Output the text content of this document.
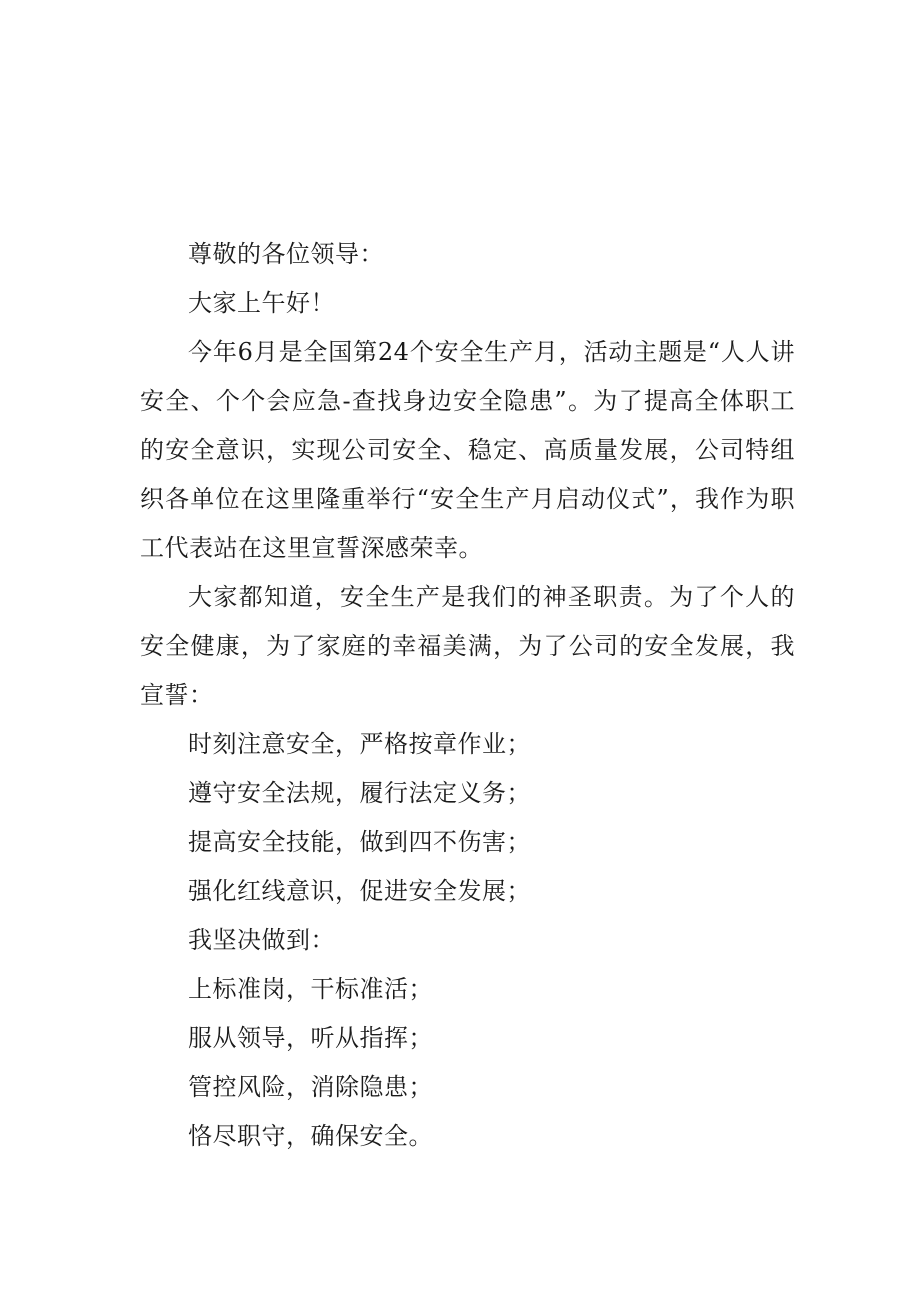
尊敬的各位领导：

大家上午好！

今年6月是全国第24个安全生产月，活动主题是“人人讲安全、个个会应急-查找身边安全隐患”。为了提高全体职工的安全意识，实现公司安全、稳定、高质量发展，公司特组织各单位在这里隆重举行“安全生产月启动仪式”，我作为职工代表站在这里宣誓深感荣幸。

大家都知道，安全生产是我们的神圣职责。为了个人的安全健康，为了家庭的幸福美满，为了公司的安全发展，我宣誓：

时刻注意安全，严格按章作业；

遵守安全法规，履行法定义务；

提高安全技能，做到四不伤害；

强化红线意识，促进安全发展；

我坚决做到：

上标准岗，干标准活；

服从领导，听从指挥；

管控风险，消除隐患；

恪尽职守，确保安全。
